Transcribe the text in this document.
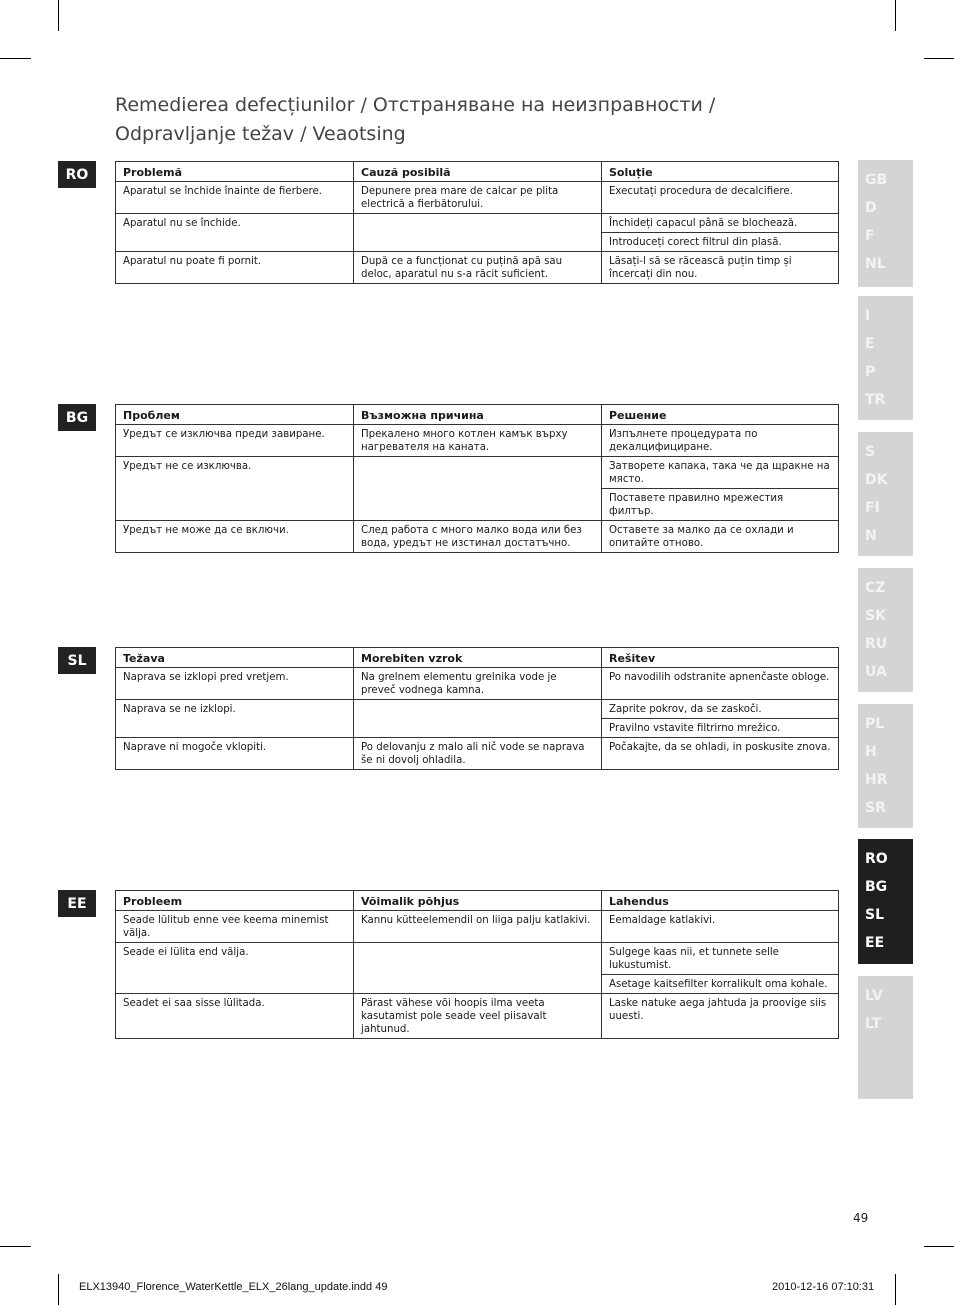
Remedierea defecțiunilor / Отстраняване на неизправности /
Odpravljanje težav / Veaotsing
RO	Problemă	Cauză posibilă	Soluție
Aparatul se închide înainte de fierbere.	Depunere prea mare de calcar pe plita electrică a fierbătorului.	Executați procedura de decalcifiere.
Aparatul nu se închide.		Închideți capacul până se blochează.
		Introduceți corect filtrul din plasă.
Aparatul nu poate fi pornit.	După ce a funcționat cu puțină apă sau deloc, aparatul nu s-a răcit suficient.	Lăsați-l să se răcească puțin timp și încercați din nou.
BG	Проблем	Възможна причина	Решение
Уредът се изключва преди завиране.	Прекалено много котлен камък върху нагревателя на каната.	Изпълнете процедурата по декалцифициране.
Уредът не се изключва.		Затворете капака, така че да щракне на място.
		Поставете правилно мрежестия филтър.
Уредът не може да се включи.	След работа с много малко вода или без вода, уредът не изстинал достатъчно.	Оставете за малко да се охлади и опитайте отново.
SL	Težava	Morebiten vzrok	Rešitev
Naprava se izklopi pred vretjem.	Na grelnem elementu grelnika vode je preveč vodnega kamna.	Po navodilih odstranite apnenčaste obloge.
Naprava se ne izklopi.		Zaprite pokrov, da se zaskoči.
		Pravilno vstavite filtrirno mrežico.
Naprave ni mogoče vklopiti.	Po delovanju z malo ali nič vode se naprava še ni dovolj ohladila.	Počakajte, da se ohladi, in poskusite znova.
EE	Probleem	Võimalik põhjus	Lahendus
Seade lülitub enne vee keema minemist välja.	Kannu kütteelemendil on liiga palju katlakivi.	Eemaldage katlakivi.
Seade ei lülita end välja.		Sulgege kaas nii, et tunnete selle lukustumist.
		Asetage kaitsefilter korralikult oma kohale.
Seadet ei saa sisse lülitada.	Pärast vähese või hoopis ilma veeta kasutamist pole seade veel piisavalt jahtunud.	Laske natuke aega jahtuda ja proovige siis uuesti.
GB
D
F
NL
I
E
P
TR
S
DK
FI
N
CZ
SK
RU
UA
PL
H
HR
SR
RO
BG
SL
EE
LV
LT
49
ELX13940_Florence_WaterKettle_ELX_26lang_update.indd 49	2010-12-16 07:10:31
